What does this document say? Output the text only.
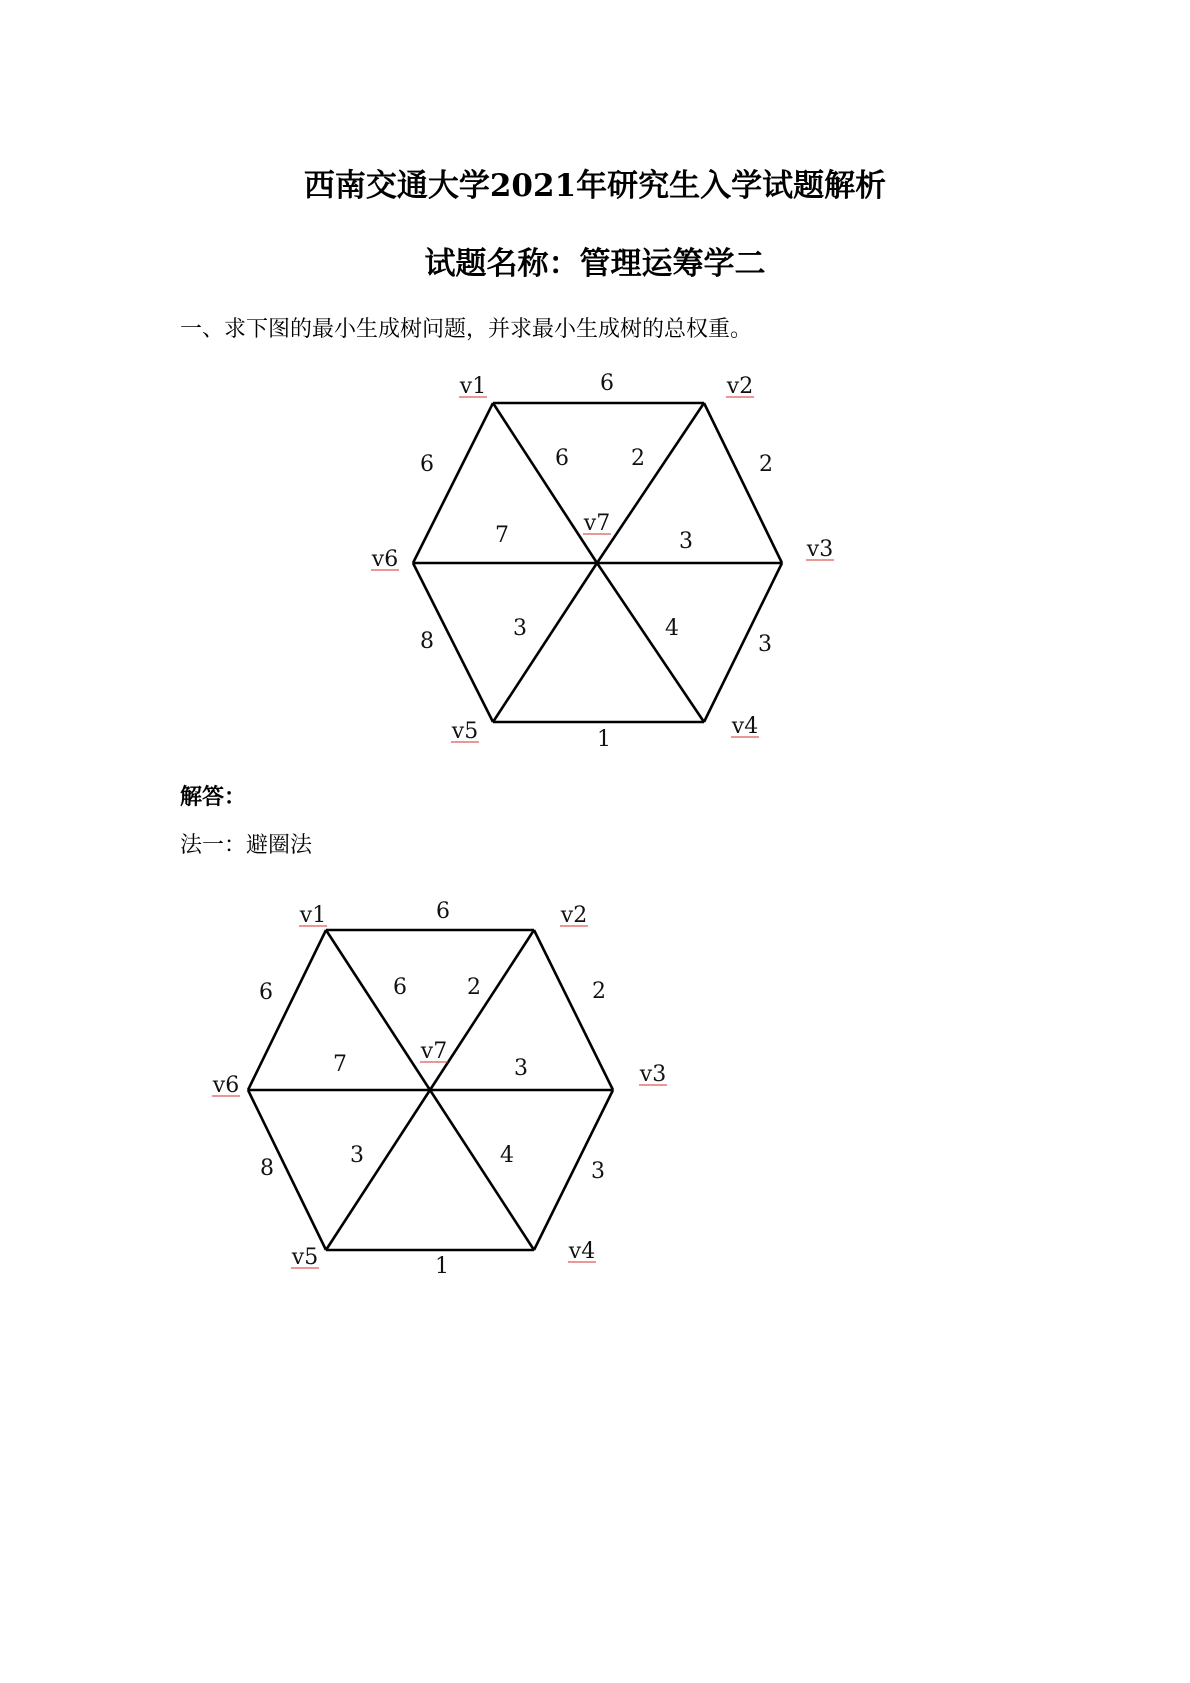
西南交通大学2021年研究生入学试题解析
试题名称：管理运筹学二

一、求下图的最小生成树问题，并求最小生成树的总权重。

6
2
3
1
8
6	6	2
3
4
3
7
v1	v2
v3
v4
v5
v6
v7

解答：

法一：避圈法

6
2
3
1
8
6	6	2
3
4
3
7
v1	v2
v3
v4
v5
v6
v7
